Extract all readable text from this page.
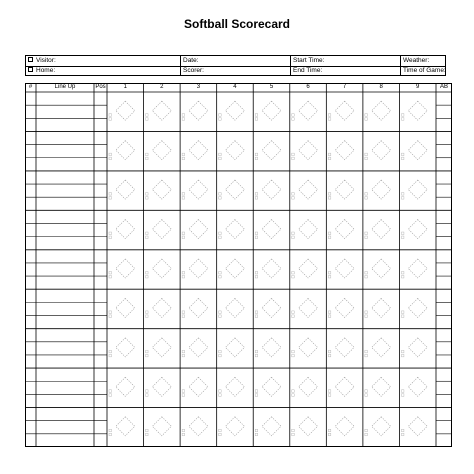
Softball Scorecard
Visitor:	Date:	Start Time:	Weather:
Home:	Scorer:	End Time:	Time of Game:
#	Line Up	Pos	1	2	3	4	5	6	7	8	9	AB
